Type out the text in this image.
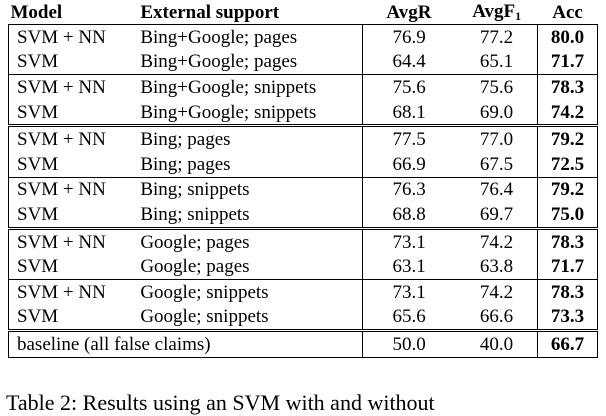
Model	External support	AvgR	AvgF$_1$	Acc
SVM + NN	Bing+Google; pages	76.9	77.2	80.0
SVM	Bing+Google; pages	64.4	65.1	71.7
SVM + NN	Bing+Google; snippets	75.6	75.6	78.3
SVM	Bing+Google; snippets	68.1	69.0	74.2
SVM + NN	Bing; pages	77.5	77.0	79.2
SVM	Bing; pages	66.9	67.5	72.5
SVM + NN	Bing; snippets	76.3	76.4	79.2
SVM	Bing; snippets	68.8	69.7	75.0
SVM + NN	Google; pages	73.1	74.2	78.3
SVM	Google; pages	63.1	63.8	71.7
SVM + NN	Google; snippets	73.1	74.2	78.3
SVM	Google; snippets	65.6	66.6	73.3
baseline (all false claims)		50.0	40.0	66.7
Table 2: Results using an SVM with and without
